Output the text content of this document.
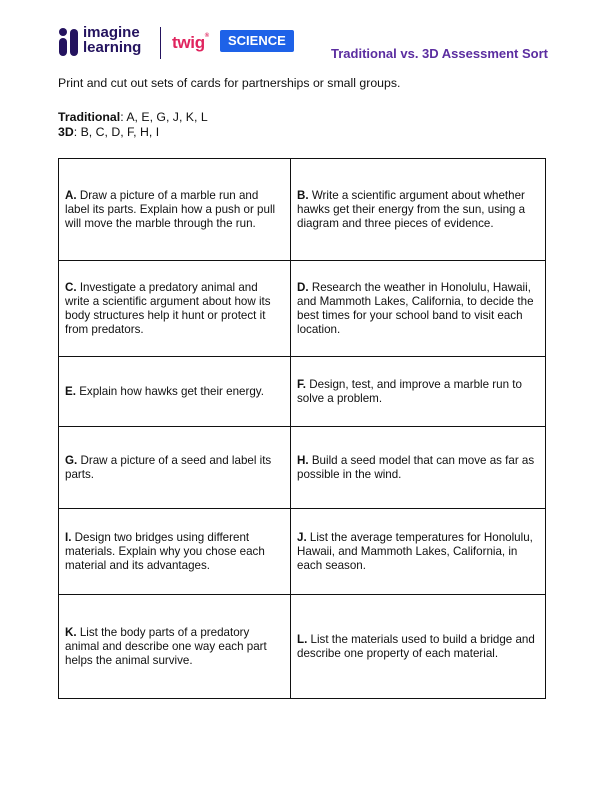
imagine
learning twig®	SCIENCE
Traditional vs. 3D Assessment Sort
Print and cut out sets of cards for partnerships or small groups.
Traditional: A, E, G, J, K, L
3D: B, C, D, F, H, I
A. Draw a picture of a marble run and label its parts. Explain how a push or pull will move the marble through the run.	B. Write a scientific argument about whether hawks get their energy from the sun, using a diagram and three pieces of evidence.
C. Investigate a predatory animal and write a scientific argument about how its body structures help it hunt or protect it from predators.	D. Research the weather in Honolulu, Hawaii, and Mammoth Lakes, California, to decide the best times for your school band to visit each location.
E. Explain how hawks get their energy.	F. Design, test, and improve a marble run to solve a problem.
G. Draw a picture of a seed and label its parts.	H. Build a seed model that can move as far as possible in the wind.
I. Design two bridges using different materials. Explain why you chose each material and its advantages.	J. List the average temperatures for Honolulu, Hawaii, and Mammoth Lakes, California, in each season.
K. List the body parts of a predatory animal and describe one way each part helps the animal survive.	L. List the materials used to build a bridge and describe one property of each material.
